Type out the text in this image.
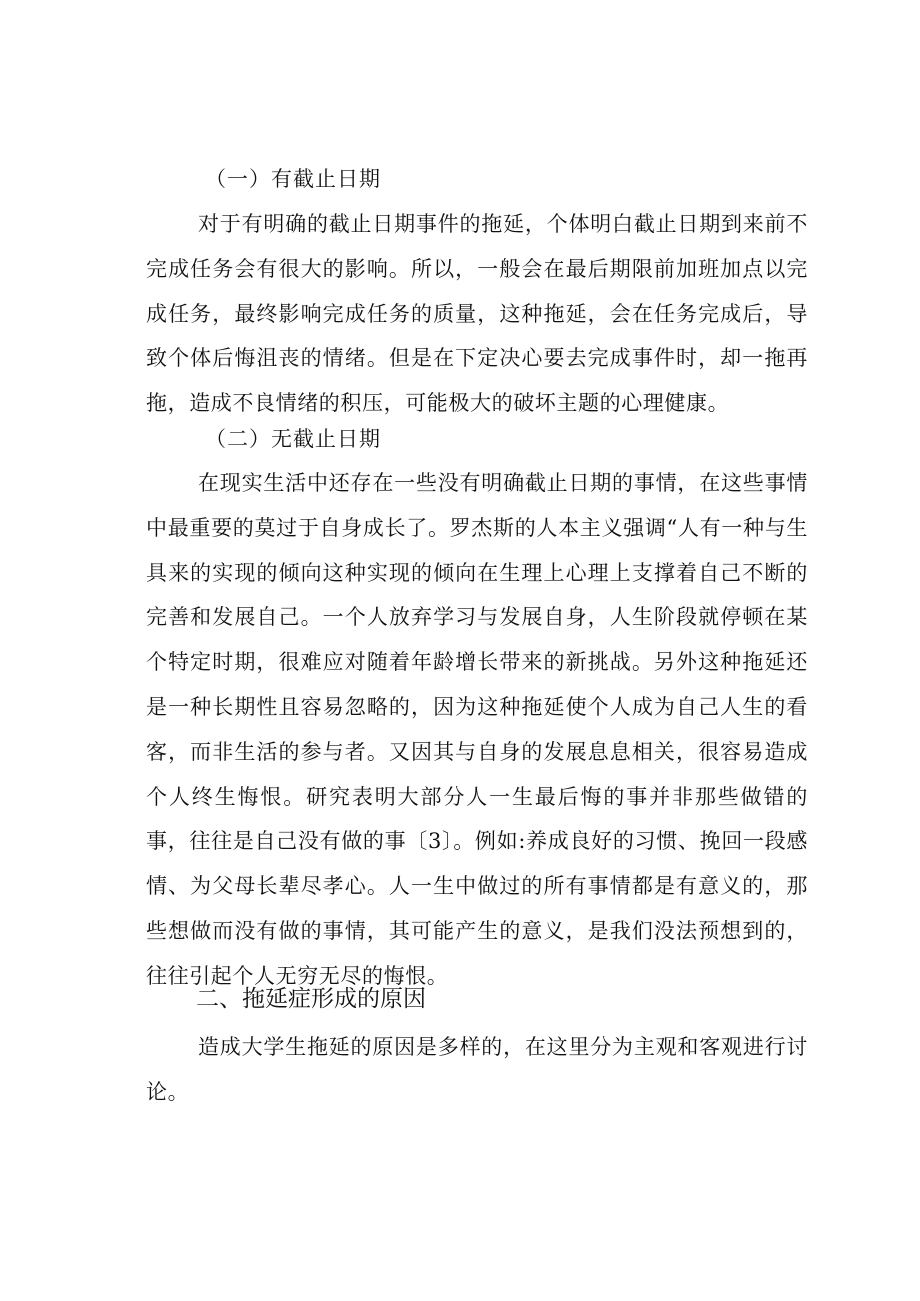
（一）有截止日期
对于有明确的截止日期事件的拖延，个体明白截止日期到来前不完成任务会有很大的影响。所以，一般会在最后期限前加班加点以完成任务，最终影响完成任务的质量，这种拖延，会在任务完成后，导致个体后悔沮丧的情绪。但是在下定决心要去完成事件时，却一拖再拖，造成不良情绪的积压，可能极大的破坏主题的心理健康。
（二）无截止日期
在现实生活中还存在一些没有明确截止日期的事情，在这些事情中最重要的莫过于自身成长了。罗杰斯的人本主义强调“人有一种与生具来的实现的倾向这种实现的倾向在生理上心理上支撑着自己不断的完善和发展自己。一个人放弃学习与发展自身，人生阶段就停顿在某个特定时期，很难应对随着年龄增长带来的新挑战。另外这种拖延还是一种长期性且容易忽略的，因为这种拖延使个人成为自己人生的看客，而非生活的参与者。又因其与自身的发展息息相关，很容易造成个人终生悔恨。研究表明大部分人一生最后悔的事并非那些做错的事，往往是自己没有做的事〔3〕。例如:养成良好的习惯、挽回一段感情、为父母长辈尽孝心。人一生中做过的所有事情都是有意义的，那些想做而没有做的事情，其可能产生的意义，是我们没法预想到的，往往引起个人无穷无尽的悔恨。
二、拖延症形成的原因
造成大学生拖延的原因是多样的，在这里分为主观和客观进行讨论。
